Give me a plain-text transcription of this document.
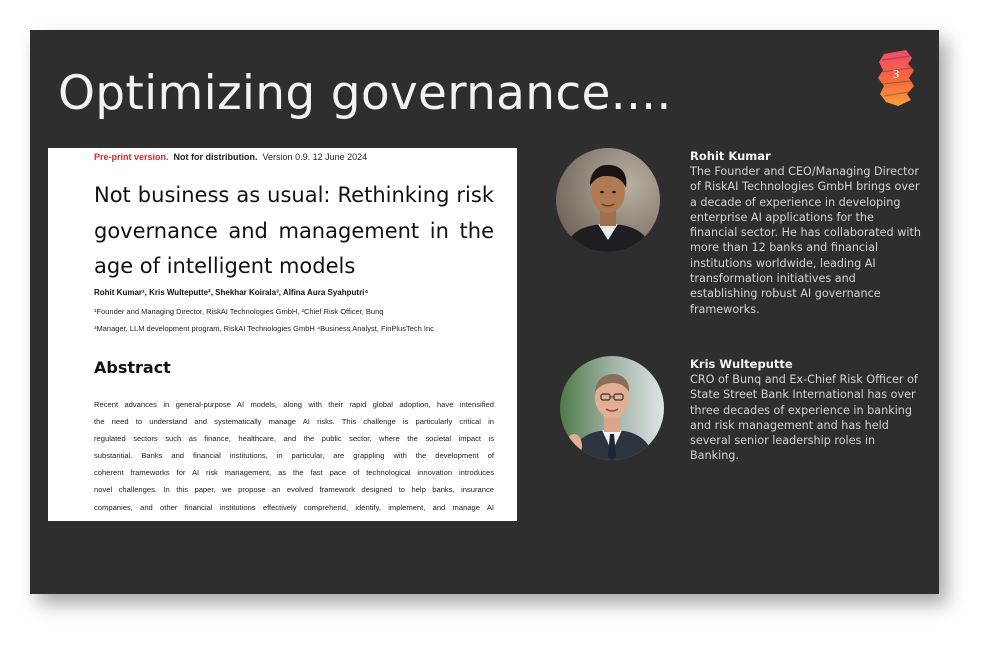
Optimizing governance....	3
Pre-print version. Not for distribution. Version 0.9. 12 June 2024
Not business as usual: Rethinking risk governance and management in the age of intelligent models
Rohit Kumar¹, Kris Wulteputte², Shekhar Koirala³, Alfina Aura Syahputri⁴
¹Founder and Managing Director, RiskAI Technologies GmbH, ²Chief Risk Officer, Bunq
³Manager, LLM development program, RiskAI Technologies GmbH ⁴Business Analyst, FinPlusTech Inc
Abstract
Recent advances in general-purpose AI models, along with their rapid global adoption, have intensified
the need to understand and systematically manage AI risks. This challenge is particularly critical in
regulated sectors such as finance, healthcare, and the public sector, where the societal impact is
substantial. Banks and financial institutions, in particular, are grappling with the development of
coherent frameworks for AI risk management, as the fast pace of technological innovation introduces
novel challenges. In this paper, we propose an evolved framework designed to help banks, insurance
companies, and other financial institutions effectively comprehend, identify, implement, and manage AI
Rohit Kumar
The Founder and CEO/Managing Director of RiskAI Technologies GmbH brings over a decade of experience in developing enterprise AI applications for the financial sector. He has collaborated with more than 12 banks and financial institutions worldwide, leading AI transformation initiatives and establishing robust AI governance frameworks.
Kris Wulteputte
CRO of Bunq and Ex-Chief Risk Officer of State Street Bank International has over three decades of experience in banking and risk management and has held several senior leadership roles in Banking.
